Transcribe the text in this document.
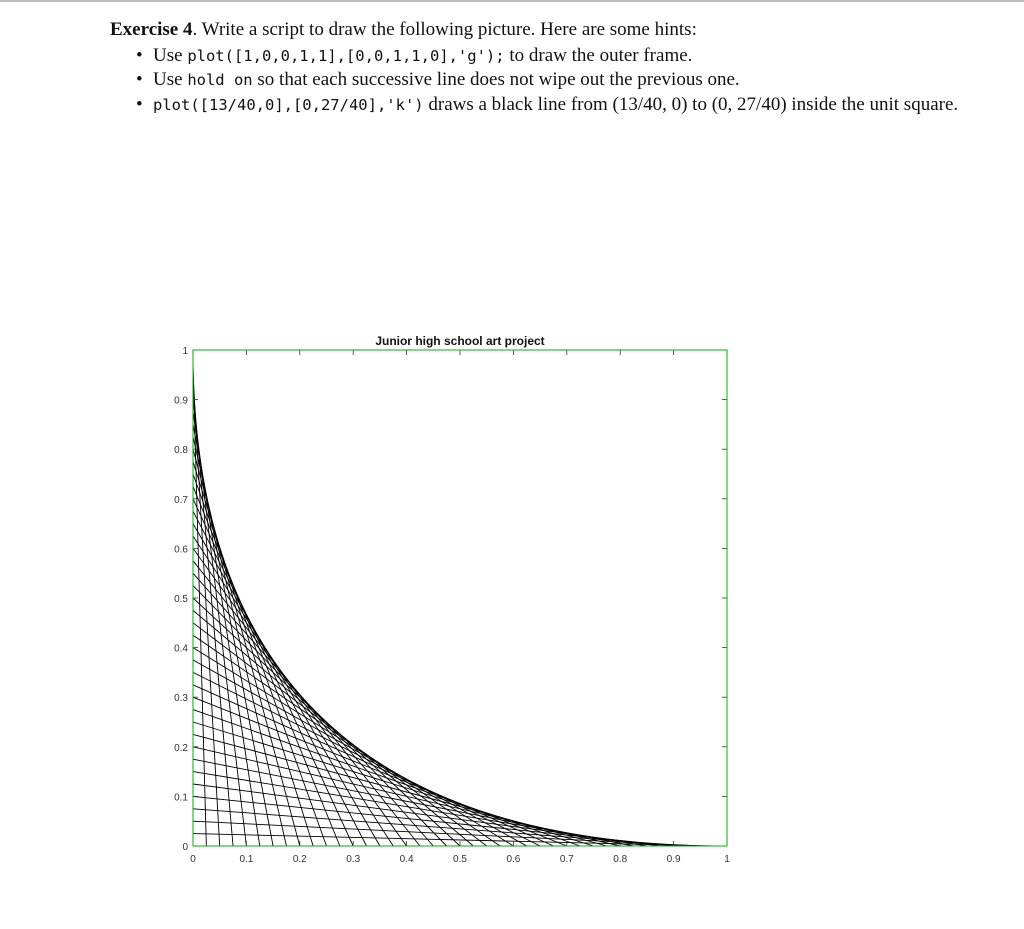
Exercise 4. Write a script to draw the following picture. Here are some hints:
• Use plot([1,0,0,1,1],[0,0,1,1,0],'g'); to draw the outer frame.
• Use hold on so that each successive line does not wipe out the previous one.
• plot([13/40,0],[0,27/40],'k') draws a black line from (13/40, 0) to (0, 27/40) inside the unit square.
Junior high school art project
0	0.1	0.2	0.3	0.4	0.5	0.6	0.7	0.8	0.9	1
0
0.1
0.2
0.3
0.4
0.5
0.6
0.7
0.8
0.9
1
